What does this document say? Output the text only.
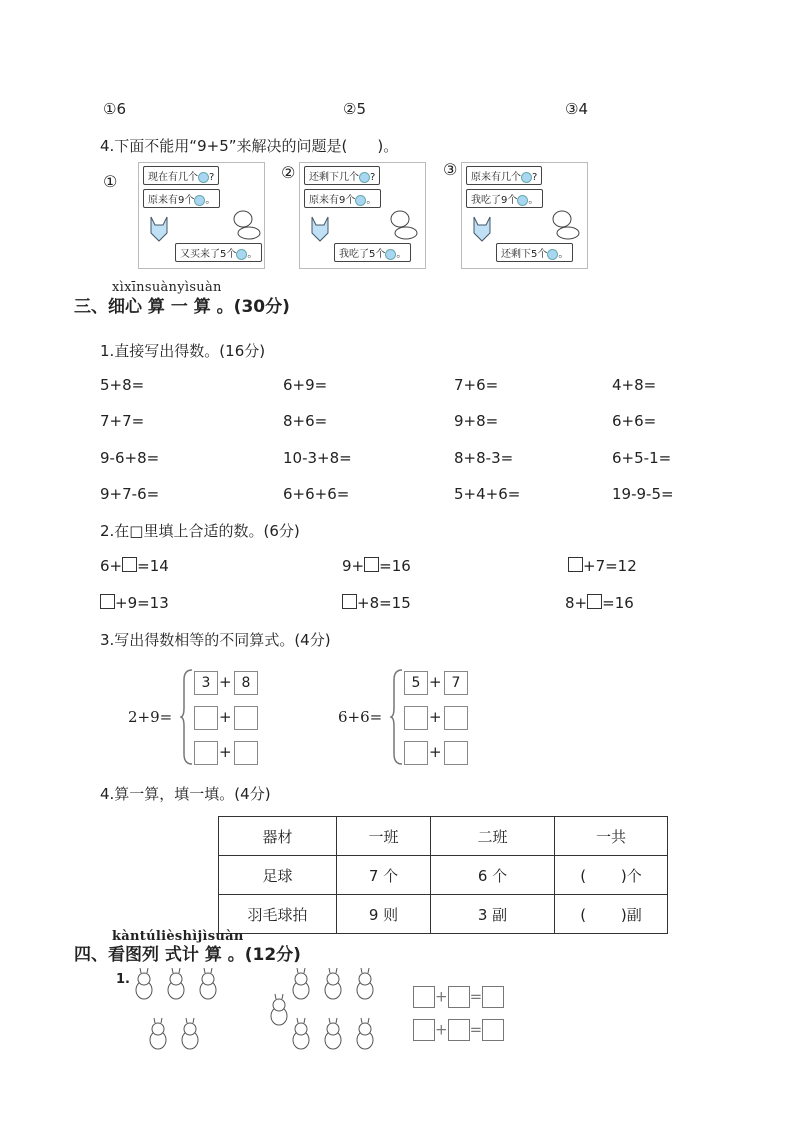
①6	②5	③4
4.下面不能用“9+5”来解决的问题是(　　)。
①	现在有几个 ?
原来有9个 。
又买来了5个 。
②	还剩下几个 ?
原来有9个 。
我吃了5个 。
③	原来有几个 ?
我吃了9个 。
还剩下5个 。
xìxīnsuànyìsuàn
三、细心 算 一 算 。(30分)
1.直接写出得数。(16分)
5+8=	6+9=	7+6=	4+8=
7+7=	8+6=	9+8=	6+6=
9-6+8=	10-3+8=	8+8-3=	6+5-1=
9+7-6=	6+6+6=	5+4+6=	19-9-5=
2.在□里填上合适的数。(6分)
6+ =14	9+ =16	+7=12
+9=13	+8=15	8+ =16
3.写出得数相等的不同算式。(4分)
2+9=
3 + 8
+
+
6+6=
5 + 7
+
+
4.算一算，填一填。(4分)
器材	一班	二班	一共
足球	7 个	6 个	(　　 )个
羽毛球拍	9 则	3 副	(　　 )副
kàntúlièshìjìsuàn
四、看图列 式计 算 。(12分)
1.
+ =
+ =
